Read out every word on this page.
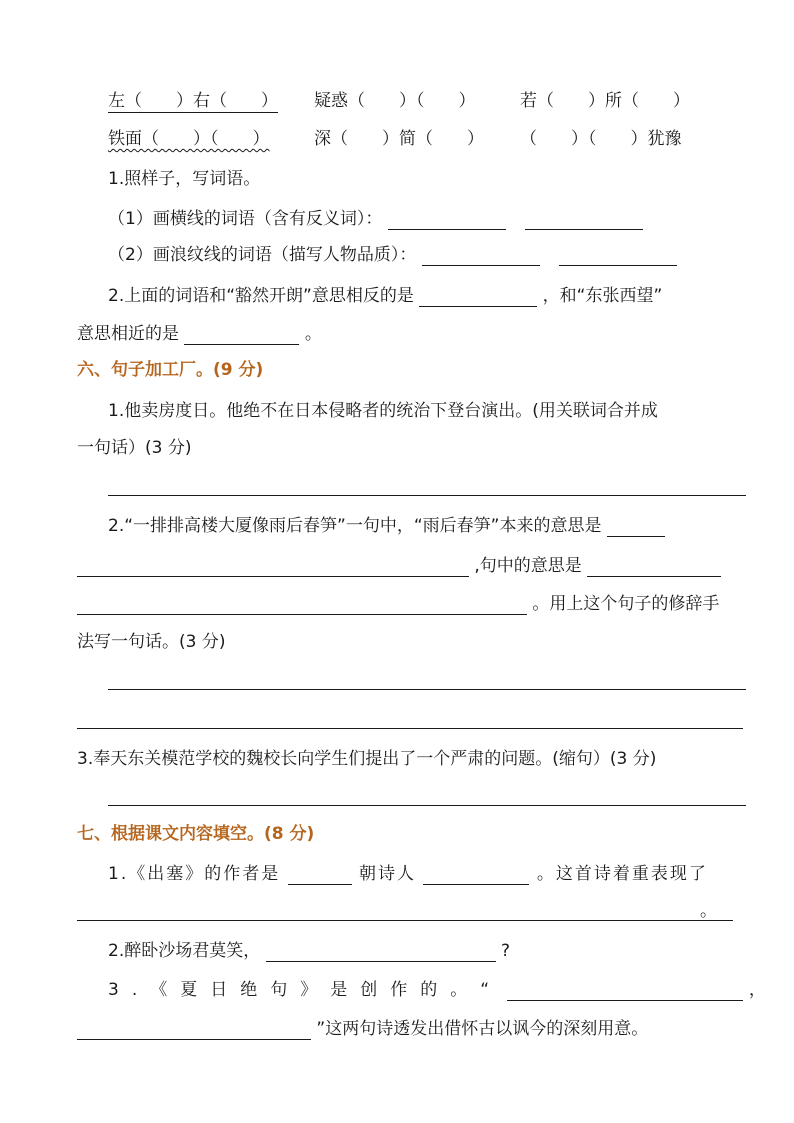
左（　　）右（　　） 疑惑（　　）（　　）	若（　　）所（　　）
铁面（　　）（　　）	深（　　）简（　　） （　　）（　　）犹豫
1.照样子，写词语。
（1）画横线的词语（含有反义词）：
（2）画浪纹线的词语（描写人物品质）：
2.上面的词语和“豁然开朗”意思相反的是	，和“东张西望”
意思相近的是	。
六、句子加工厂。(9 分)
1.他卖房度日。他绝不在日本侵略者的统治下登台演出。(用关联词合并成
一句话）(3 分)
2.“一排排高楼大厦像雨后春笋”一句中，“雨后春笋”本来的意思是
,句中的意思是
。用上这个句子的修辞手
法写一句话。(3 分)
3.奉天东关模范学校的魏校长向学生们提出了一个严肃的问题。(缩句）(3 分)
七、根据课文内容填空。(8 分)
1.《出塞》的作者是	朝诗人	。这首诗着重表现了
。
2.醉卧沙场君莫笑，	?
3.《夏日绝句》是创作的。“	，
”这两句诗透发出借怀古以讽今的深刻用意。
